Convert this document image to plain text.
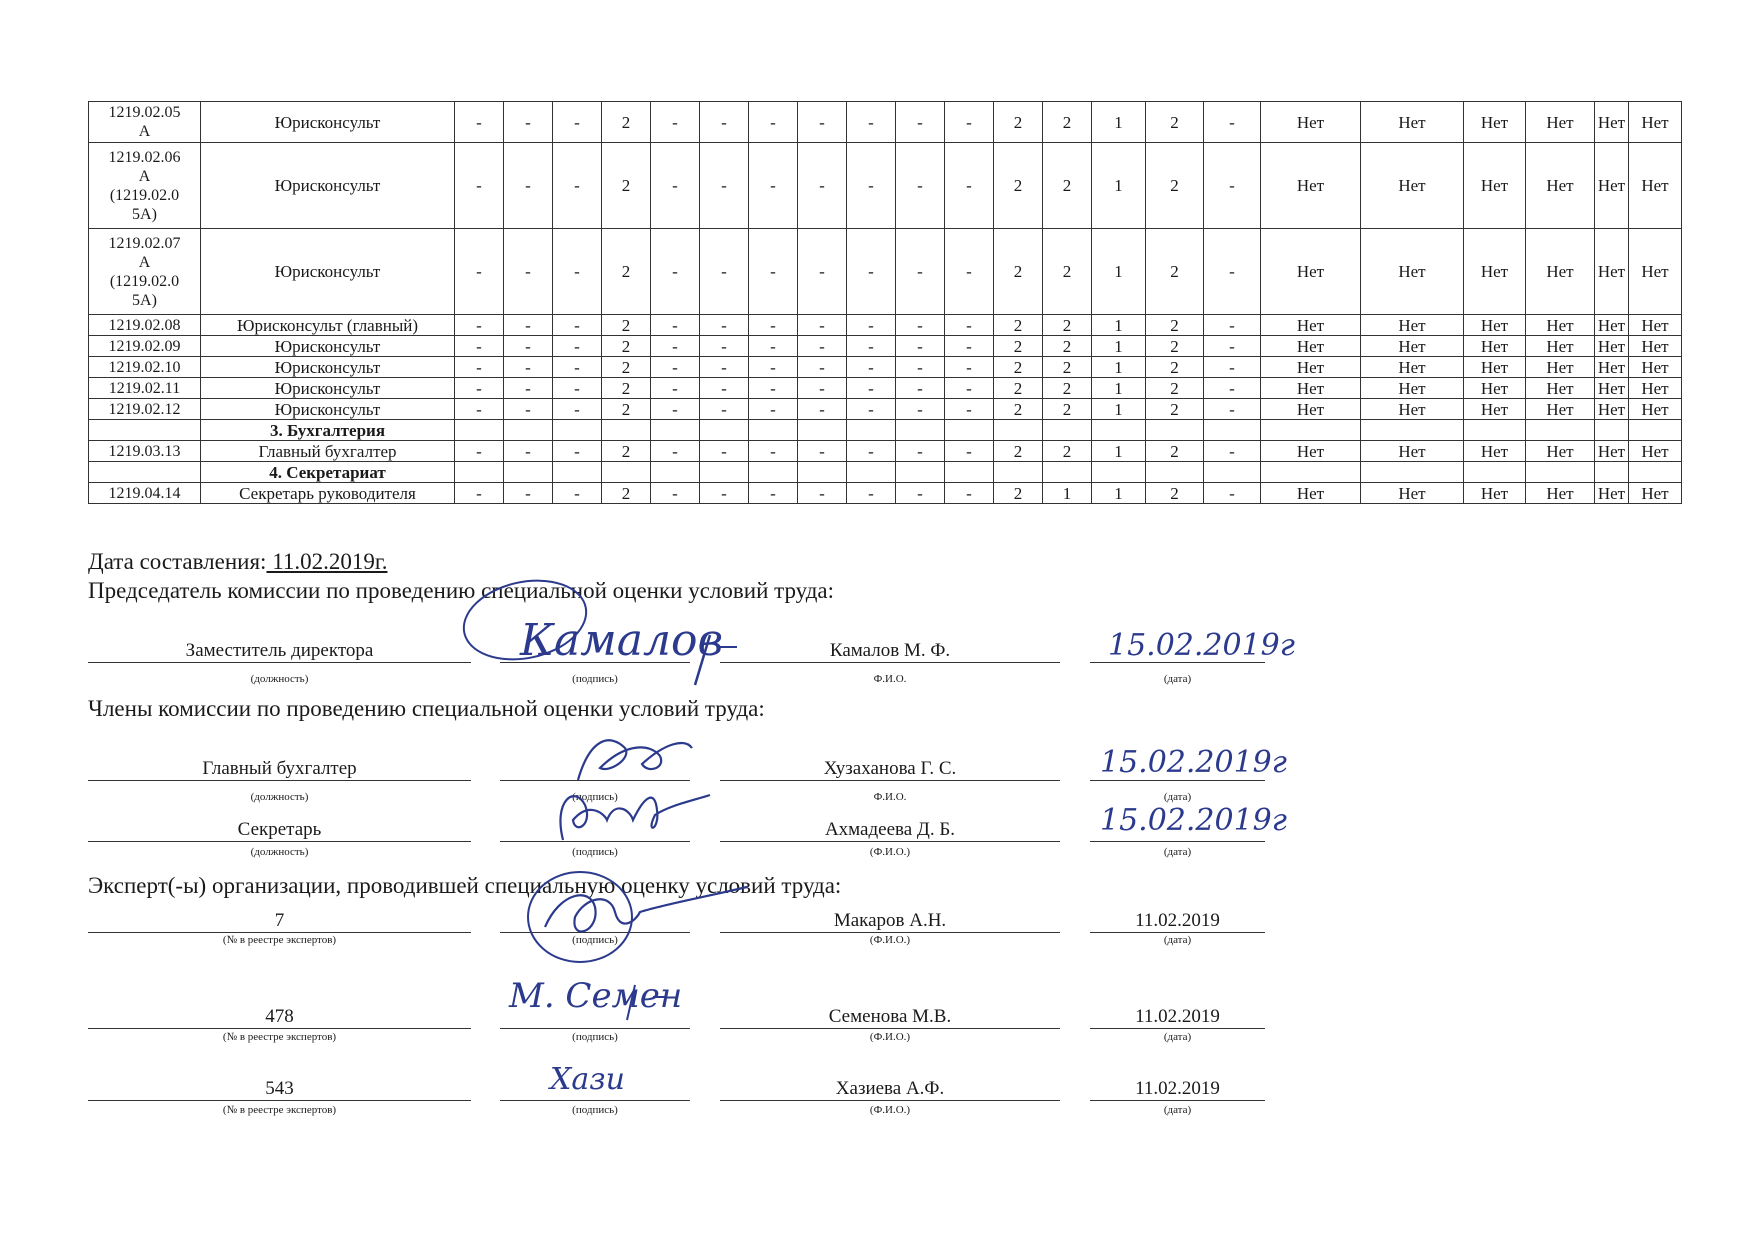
1219.02.05
А	Юрисконсульт	-	-	-	2	-	-	-	-	-	-	-	2	2	1	2	-	Нет	Нет	Нет	Нет	Нет	Нет
1219.02.06
А
(1219.02.0
5А)	Юрисконсульт	-	-	-	2	-	-	-	-	-	-	-	2	2	1	2	-	Нет	Нет	Нет	Нет	Нет	Нет
1219.02.07
А
(1219.02.0
5А)	Юрисконсульт	-	-	-	2	-	-	-	-	-	-	-	2	2	1	2	-	Нет	Нет	Нет	Нет	Нет	Нет
1219.02.08	Юрисконсульт (главный)	-	-	-	2	-	-	-	-	-	-	-	2	2	1	2	-	Нет	Нет	Нет	Нет	Нет	Нет
1219.02.09	Юрисконсульт	-	-	-	2	-	-	-	-	-	-	-	2	2	1	2	-	Нет	Нет	Нет	Нет	Нет	Нет
1219.02.10	Юрисконсульт	-	-	-	2	-	-	-	-	-	-	-	2	2	1	2	-	Нет	Нет	Нет	Нет	Нет	Нет
1219.02.11	Юрисконсульт	-	-	-	2	-	-	-	-	-	-	-	2	2	1	2	-	Нет	Нет	Нет	Нет	Нет	Нет
1219.02.12	Юрисконсульт	-	-	-	2	-	-	-	-	-	-	-	2	2	1	2	-	Нет	Нет	Нет	Нет	Нет	Нет
	3. Бухгалтерия																						
1219.03.13	Главный бухгалтер	-	-	-	2	-	-	-	-	-	-	-	2	2	1	2	-	Нет	Нет	Нет	Нет	Нет	Нет
	4. Секретариат																						
1219.04.14	Секретарь руководителя	-	-	-	2	-	-	-	-	-	-	-	2	1	1	2	-	Нет	Нет	Нет	Нет	Нет	Нет
Дата составления: 11.02.2019г.
Председатель комиссии по проведению специальной оценки условий труда:
Заместитель директора
(должность)	(подпись)
Камалов М. Ф.
Ф.И.О.	(дата)
15.02.2019г
Камалов
Члены комиссии по проведению специальной оценки условий труда:
Главный бухгалтер
(должность)	(подпись)
Хузаханова Г. С.
Ф.И.О.	(дата)
15.02.2019г
Секретарь
(должность)	(подпись)
Ахмадеева Д. Б.
(Ф.И.О.)	(дата)
15.02.2019г
Эксперт(-ы) организации, проводившей специальную оценку условий труда:
7
(№ в реестре экспертов)	(подпись)
Макаров А.Н.
(Ф.И.О.)
11.02.2019
(дата)
478
(№ в реестре экспертов)	(подпись)
Семенова М.В.
(Ф.И.О.)
11.02.2019
(дата)
М. Семен
543
(№ в реестре экспертов)	(подпись)
Хазиева А.Ф.
(Ф.И.О.)
11.02.2019
(дата)
Хази
